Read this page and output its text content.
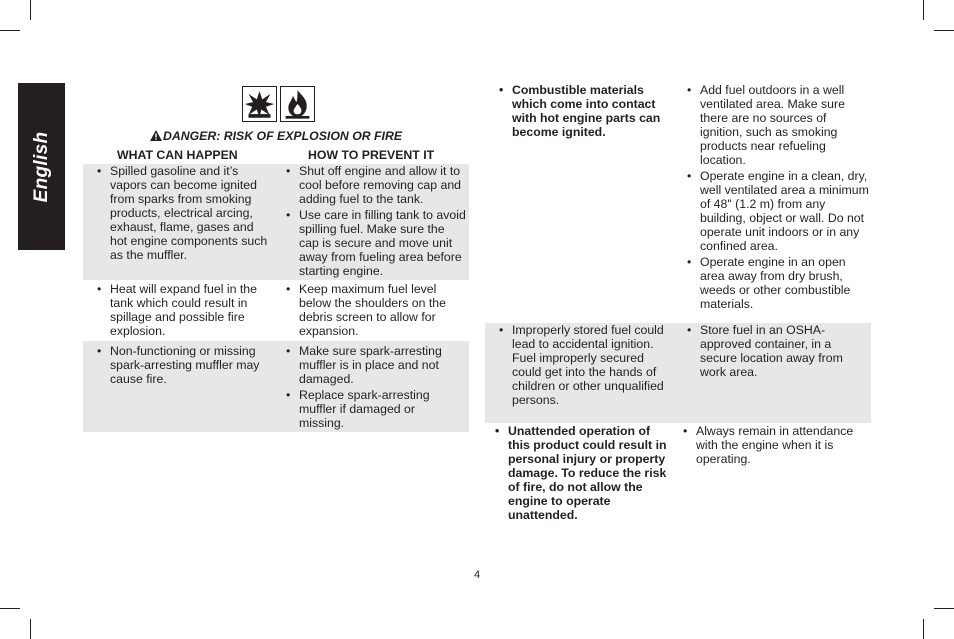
English	DANGER: RISK OF EXPLOSION OR FIRE
WHAT CAN HAPPEN	HOW TO PREVENT IT
• Spilled gasoline and it’s vapors can become ignited from sparks from smoking products, electrical arcing, exhaust, flame, gases and hot engine components such as the muffler.
• Shut off engine and allow it to cool before removing cap and adding fuel to the tank.
• Use care in filling tank to avoid spilling fuel. Make sure the cap is secure and move unit away from fueling area before starting engine.
• Heat will expand fuel in the tank which could result in spillage and possible fire explosion.
• Keep maximum fuel level below the shoulders on the debris screen to allow for expansion.
• Non-functioning or missing spark-arresting muffler may cause fire.
• Make sure spark-arresting muffler is in place and not damaged.
• Replace spark-arresting muffler if damaged or missing.
• Combustible materials which come into contact with hot engine parts can become ignited.
• Add fuel outdoors in a well ventilated area. Make sure there are no sources of ignition, such as smoking products near refueling location.
• Operate engine in a clean, dry, well ventilated area a minimum of 48" (1.2 m) from any building, object or wall. Do not operate unit indoors or in any confined area.
• Operate engine in an open area away from dry brush, weeds or other combustible materials.
• Improperly stored fuel could lead to accidental ignition. Fuel improperly secured could get into the hands of children or other unqualified persons.
• Store fuel in an OSHA-approved container, in a secure location away from work area.
• Unattended operation of this product could result in personal injury or property damage. To reduce the risk of fire, do not allow the engine to operate unattended.
• Always remain in attendance with the engine when it is operating.
4
